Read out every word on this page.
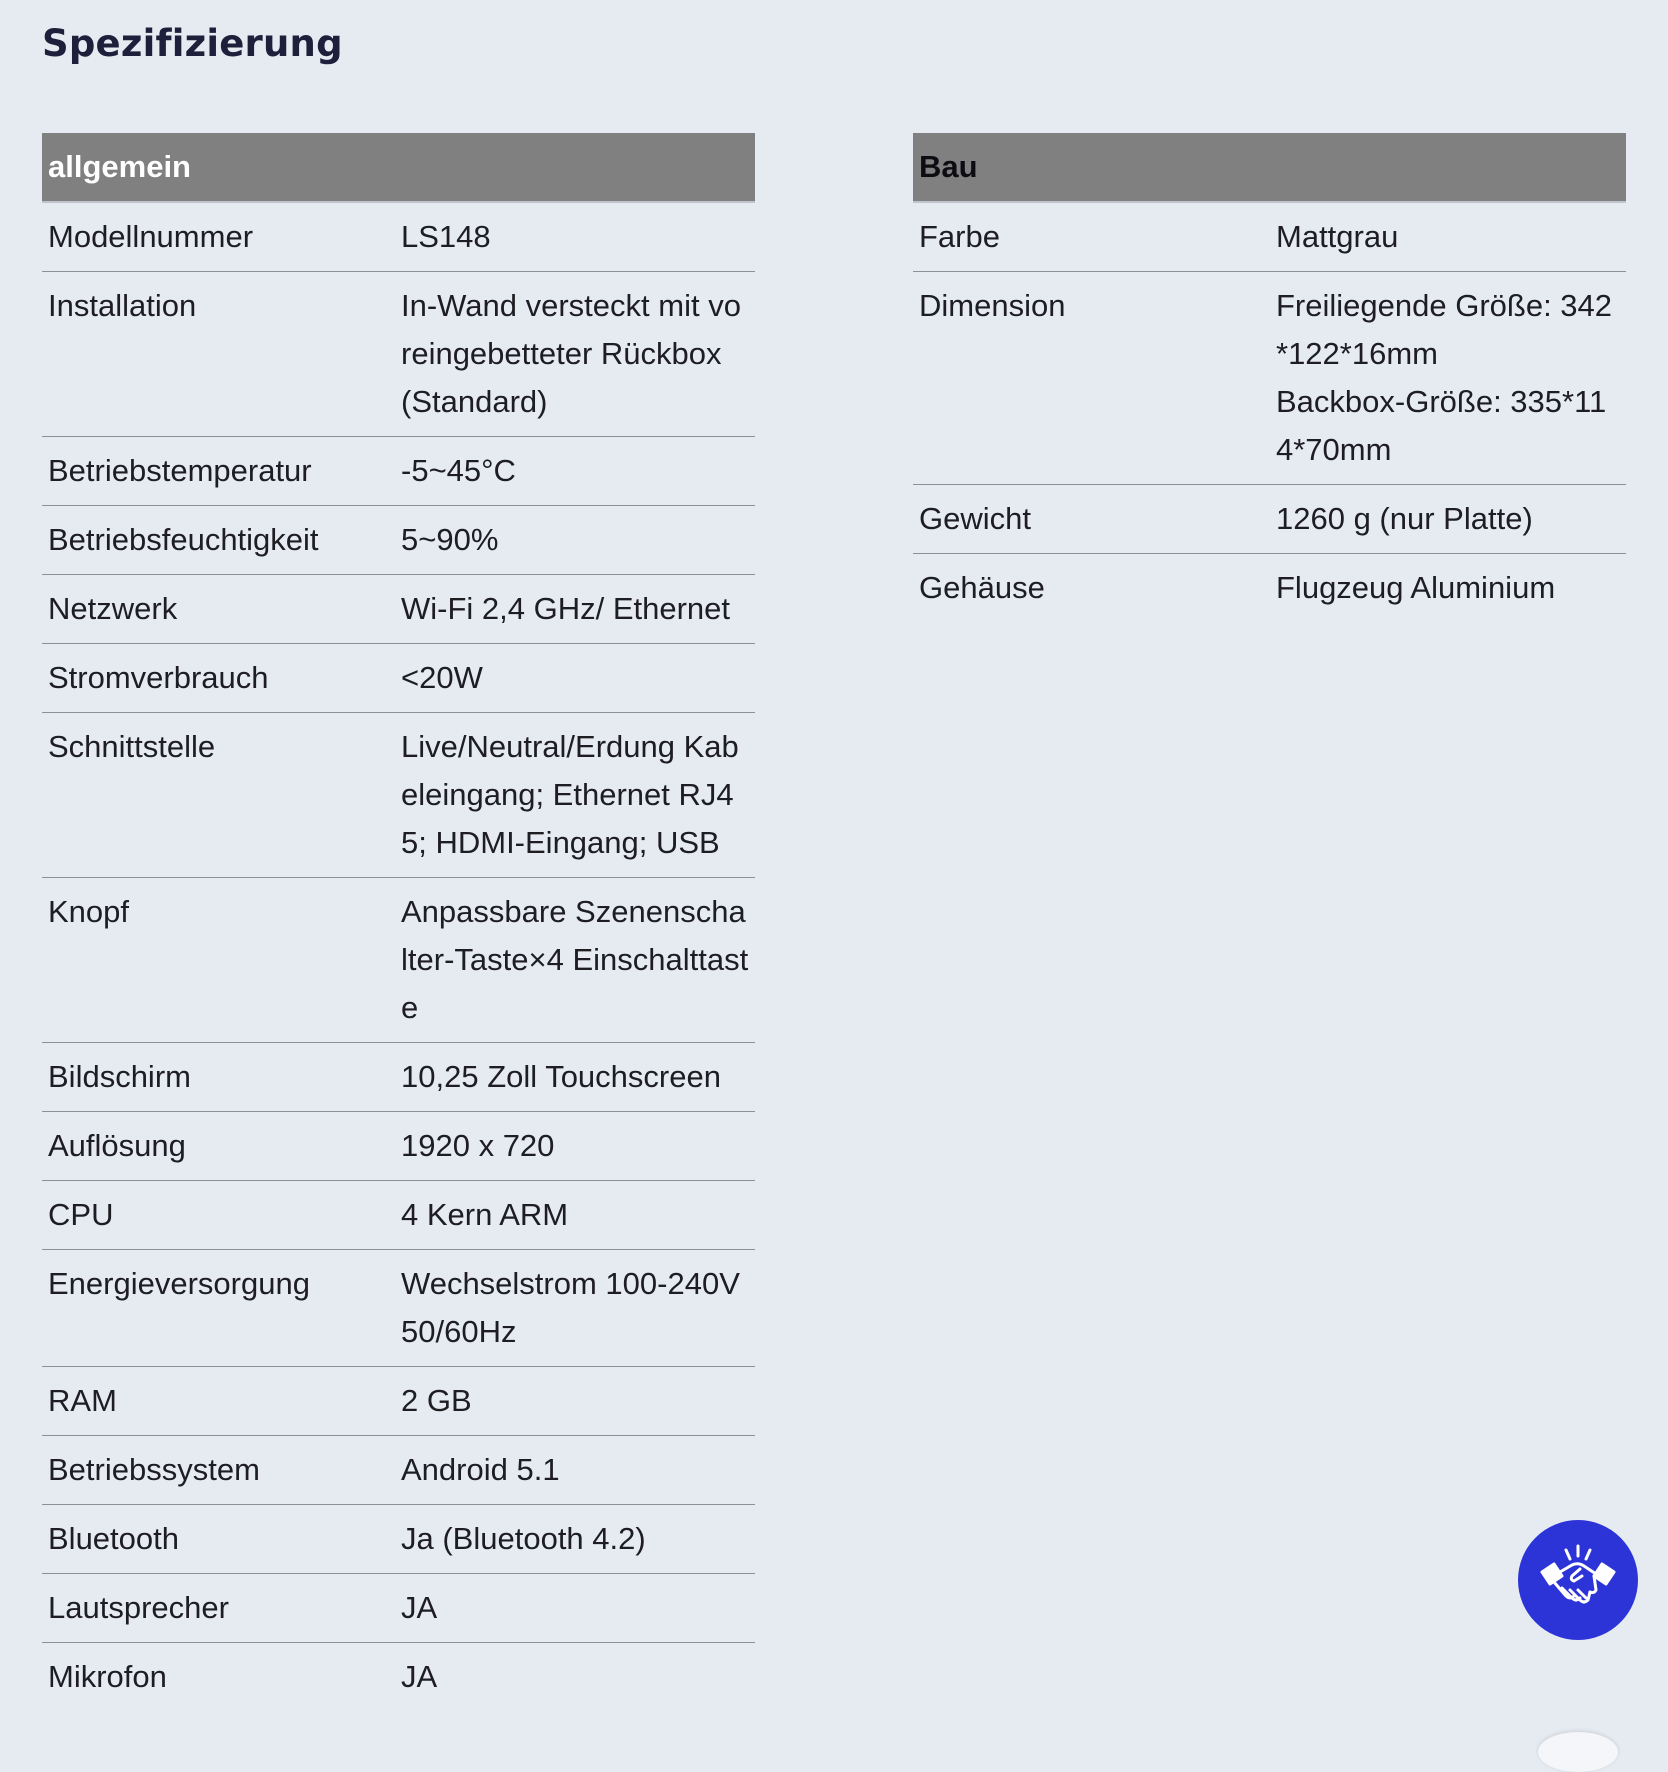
Spezifizierung
allgemein	
Modellnummer	LS148
Installation	In-Wand versteckt mit voreingebetteter Rückbox (Standard)
Betriebstemperatur	-5~45°C
Betriebsfeuchtigkeit	5~90%
Netzwerk	Wi-Fi 2,4 GHz/ Ethernet
Stromverbrauch	<20W
Schnittstelle	Live/Neutral/Erdung Kabeleingang; Ethernet RJ45; HDMI-Eingang; USB
Knopf	Anpassbare Szenenschalter-Taste×4 Einschalttaste
Bildschirm	10,25 Zoll Touchscreen
Auflösung	1920 x 720
CPU	4 Kern ARM
Energieversorgung	Wechselstrom 100-240V 50/60Hz
RAM	2 GB
Betriebssystem	Android 5.1
Bluetooth	Ja (Bluetooth 4.2)
Lautsprecher	JA
Mikrofon	JA
Bau	
Farbe	Mattgrau
Dimension	Freiliegende Größe: 342*122*16mm
Backbox-Größe: 335*114*70mm

Gewicht	1260 g (nur Platte)
Gehäuse	Flugzeug Aluminium
